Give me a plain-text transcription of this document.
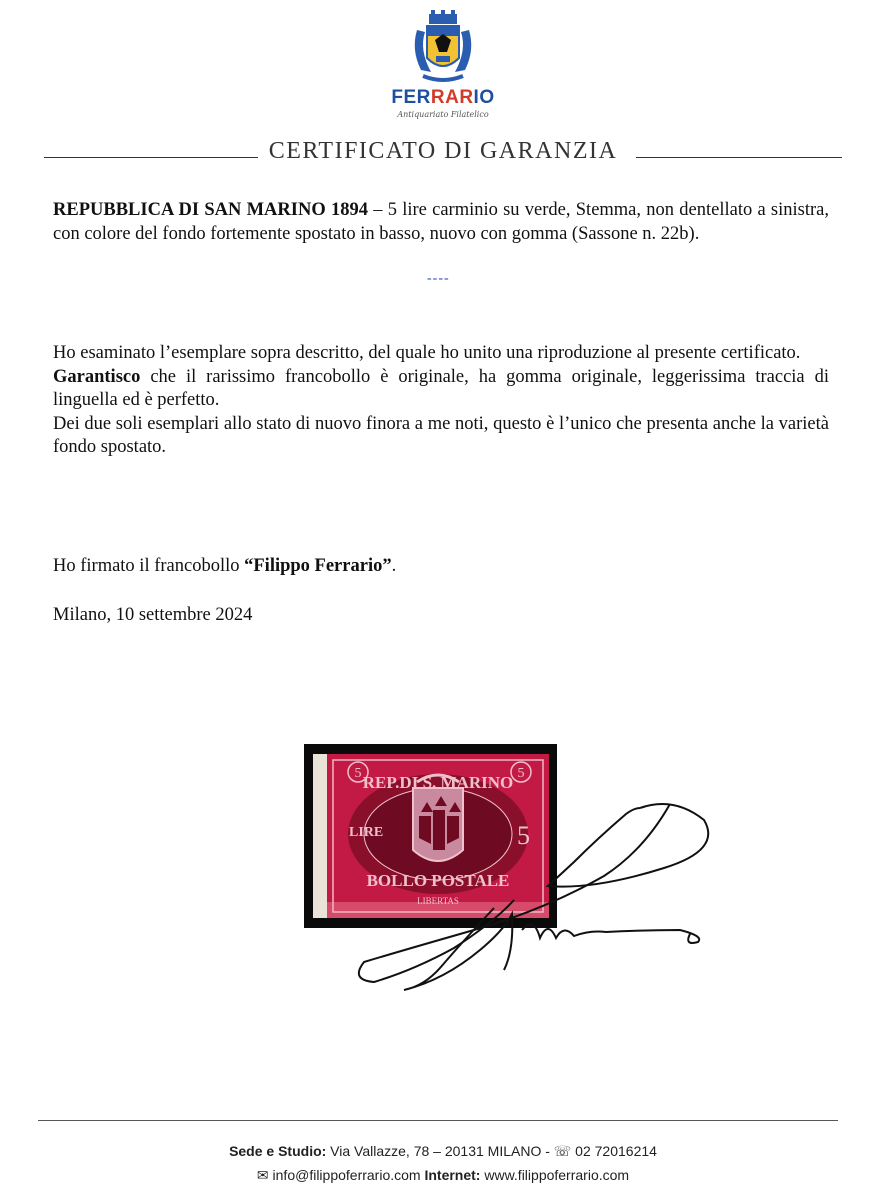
FERRARIO
Antiquariato Filatelico
CERTIFICATO DI GARANZIA
REPUBBLICA DI SAN MARINO 1894 – 5 lire carminio su verde, Stemma, non dentellato a sinistra, con colore del fondo fortemente spostato in basso, nuovo con gomma (Sassone n. 22b).
----
Ho esaminato l’esemplare sopra descritto, del quale ho unito una riproduzione al presente certificato.
Garantisco che il rarissimo francobollo è originale, ha gomma originale, leggerissima traccia di linguella ed è perfetto.
Dei due soli esemplari allo stato di nuovo finora a me noti, questo è l’unico che presenta anche la varietà fondo spostato.
Ho firmato il francobollo “Filippo Ferrario”.
Milano, 10 settembre 2024
5	5
REP.DI S. MARINO
LIRE	5
BOLLO POSTALE
LIBERTAS
Sede e Studio: Via Vallazze, 78 – 20131 MILANO - ☏ 02 72016214
✉ info@filippoferrario.com Internet: www.filippoferrario.com
